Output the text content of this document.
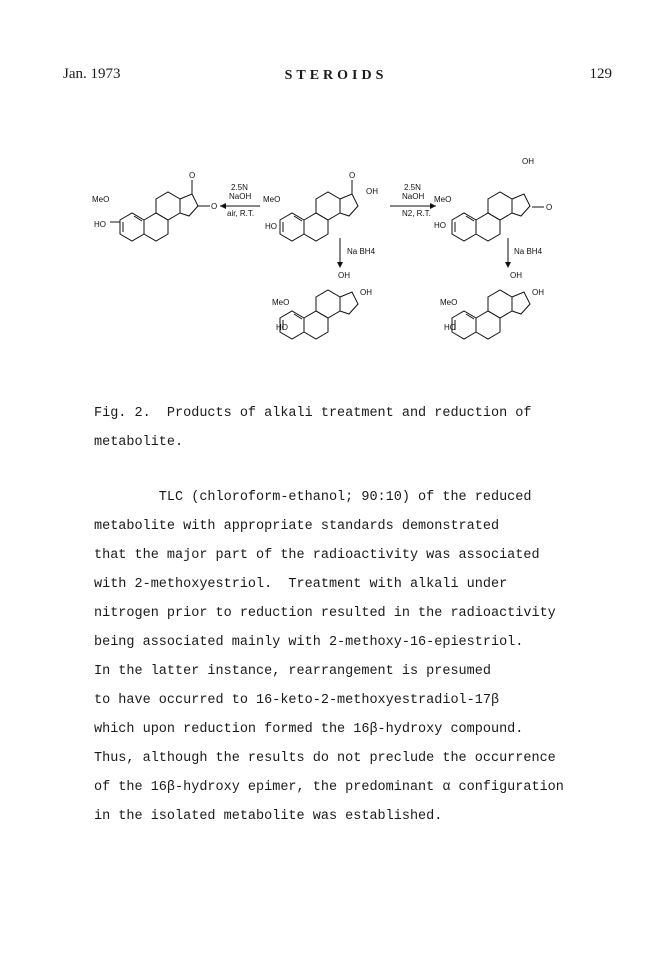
Jan. 1973	STEROIDS	129
O
O
MeO
HO
2.5N
NaOH
air, R.T.
O
OH
MeO
HO
2.5N
NaOH
N2, R.T.
OH
O
MeO
HO
Na BH4	Na BH4
OH
OH
MeO
HO
OH
OH
MeO
HO
Fig. 2.  Products of alkali treatment and reduction of
metabolite.
TLC (chloroform-ethanol; 90:10) of the reduced
metabolite with appropriate standards demonstrated
that the major part of the radioactivity was associated
with 2-methoxyestriol.  Treatment with alkali under
nitrogen prior to reduction resulted in the radioactivity
being associated mainly with 2-methoxy-16-epiestriol.
In the latter instance, rearrangement is presumed
to have occurred to 16-keto-2-methoxyestradiol-17β
which upon reduction formed the 16β-hydroxy compound.
Thus, although the results do not preclude the occurrence
of the 16β-hydroxy epimer, the predominant α configuration
in the isolated metabolite was established.
